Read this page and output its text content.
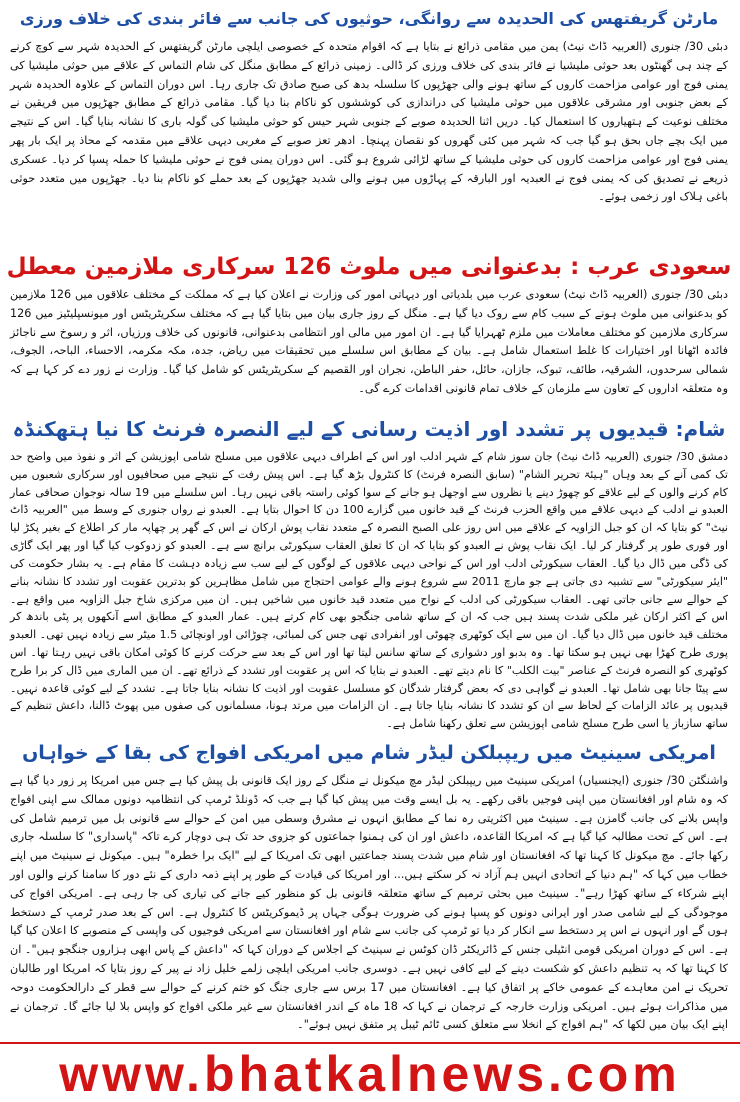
مارٹن گریفتھس کی الحدیدہ سے روانگی، حوثیوں کی جانب سے فائر بندی کی خلاف ورزی

دبئی 30/ جنوری (العربیہ ڈاٹ نیٹ) یمن میں مقامی ذرائع نے بتایا ہے کہ اقوام متحدہ کے خصوصی ایلچی مارٹن گریفتھس کے الحدیدہ شہر سے کوچ کرنے کے چند ہی گھنٹوں بعد حوثی ملیشیا نے فائر بندی کی خلاف ورزی کر ڈالی۔ زمینی ذرائع کے مطابق منگل کی شام التماس کے علاقے میں حوثی ملیشیا کی یمنی فوج اور عوامی مزاحمت کاروں کے ساتھ ہونے والی جھڑپوں کا سلسلہ بدھ کی صبح صادق تک جاری رہا۔ اس دوران التماس کے علاوہ الحدیدہ شہر کے بعض جنوبی اور مشرقی علاقوں میں حوثی ملیشیا کی دراندازی کی کوششوں کو ناکام بنا دیا گیا۔ مقامی ذرائع کے مطابق جھڑپوں میں فریقین نے مختلف نوعیت کے ہتھیاروں کا استعمال کیا۔ دریں اثنا الحدیدہ صوبے کے جنوبی شہر حیس کو حوثی ملیشیا کی گولہ باری کا نشانہ بنایا گیا۔ اس کے نتیجے میں ایک بچے جاں بحق ہو گیا جب کہ شہر میں کئی گھروں کو نقصان پہنچا۔ ادھر تعز صوبے کے مغربی دیہی علاقے میں مقدمہ کے محاذ پر ایک بار پھر یمنی فوج اور عوامی مزاحمت کاروں کی حوثی ملیشیا کے ساتھ لڑائی شروع ہو گئی۔ اس دوران یمنی فوج نے حوثی ملیشیا کا حملہ پسپا کر دیا۔ عسکری ذریعے نے تصدیق کی کہ یمنی فوج نے العبدیہ اور البارقہ کے پہاڑوں میں ہونے والی شدید جھڑپوں کے بعد حملے کو ناکام بنا دیا۔ جھڑپوں میں متعدد حوثی باغی ہلاک اور زخمی ہوئے۔

سعودی عرب : بدعنوانی میں ملوث 126 سرکاری ملازمین معطل

دبئی 30/ جنوری (العربیہ ڈاٹ نیٹ) سعودی عرب میں بلدیاتی اور دیہاتی امور کی وزارت نے اعلان کیا ہے کہ مملکت کے مختلف علاقوں میں 126 ملازمین کو بدعنوانی میں ملوث ہونے کے سبب کام سے روک دیا گیا ہے۔ منگل کے روز جاری بیان میں بتایا گیا ہے کہ مختلف سکریٹریٹس اور میونسپلیٹیز میں 126 سرکاری ملازمین کو مختلف معاملات میں ملزم ٹھہرایا گیا ہے۔ ان امور میں مالی اور انتظامی بدعنوانی، قانونوں کی خلاف ورزیاں، اثر و رسوخ سے ناجائز فائدہ اٹھانا اور اختیارات کا غلط استعمال شامل ہے۔ بیان کے مطابق اس سلسلے میں تحقیقات میں ریاض، جدہ، مکہ مکرمہ، الاحساء، الباحہ، الجوف، شمالی سرحدوں، الشرقیہ، طائف، تبوک، جازان، حائل، حفر الباطن، نجران اور القصیم کے سکریٹریٹس کو شامل کیا گیا۔ وزارت نے زور دے کر کہا ہے کہ وہ متعلقہ اداروں کے تعاون سے ملزمان کے خلاف تمام قانونی اقدامات کرے گی۔

شام: قیدیوں پر تشدد اور اذیت رسانی کے لیے النصرہ فرنٹ کا نیا ہتھکنڈہ

دمشق 30/ جنوری (العربیہ ڈاٹ نیٹ) جان سوز شام کے شہر ادلب اور اس کے اطراف دیہی علاقوں میں مسلح شامی اپوزیشن کے اثر و نفوذ میں واضح حد تک کمی آنے کے بعد وہاں "ہیئۃ تحریر الشام" (سابق النصرہ فرنٹ) کا کنٹرول بڑھ گیا ہے۔ اس پیش رفت کے نتیجے میں صحافیوں اور سرکاری شعبوں میں کام کرنے والوں کے لیے علاقے کو چھوڑ دینے یا نظروں سے اوجھل ہو جانے کے سوا کوئی راستہ باقی نہیں رہا۔ اس سلسلے میں 19 سالہ نوجوان صحافی عمار العبدو نے ادلب کے دیہی علاقے میں واقع الحزب فرنٹ کے قید خانوں میں گزارے 100 دن کا احوال بتایا ہے۔ العبدو نے رواں جنوری کے وسط میں "العربیہ ڈاٹ نیٹ" کو بتایا کہ ان کو جبل الزاویہ کے علاقے میں اس روز علی الصبح النصرہ کے متعدد نقاب پوش ارکان نے اس کے گھر پر چھاپہ مار کر اطلاع کے بغیر پکڑ لیا اور فوری طور پر گرفتار کر لیا۔ ایک نقاب پوش نے العبدو کو بتایا کہ ان کا تعلق العقاب سیکورٹی برانچ سے ہے۔ العبدو کو زدوکوب کیا گیا اور پھر ایک گاڑی کی ڈگی میں ڈال دیا گیا۔ العقاب سیکورٹی ادلب اور اس کے نواحی دیہی علاقوں کے لوگوں کے لیے سب سے زیادہ دہشت کا مقام ہے۔ یہ بشار حکومت کی "ایئر سیکورٹی" سے تشبیہ دی جاتی ہے جو مارچ 2011 سے شروع ہونے والے عوامی احتجاج میں شامل مظاہرین کو بدترین عقوبت اور تشدد کا نشانہ بنانے کے حوالے سے جانی جاتی تھی۔ العقاب سیکورٹی کی ادلب کے نواح میں متعدد قید خانوں میں شاخیں ہیں۔ ان میں مرکزی شاخ جبل الزاویہ میں واقع ہے۔ اس کے اکثر ارکان غیر ملکی شدت پسند ہیں جب کہ ان کے ساتھ شامی جنگجو بھی کام کرتے ہیں۔ عمار العبدو کے مطابق اسے آنکھوں پر پٹی باندھ کر مختلف قید خانوں میں ڈال دیا گیا۔ ان میں سے ایک کوٹھری چھوٹی اور انفرادی تھی جس کی لمبائی، چوڑائی اور اونچائی 1.5 میٹر سے زیادہ نہیں تھی۔ العبدو پوری طرح کھڑا بھی نہیں ہو سکتا تھا۔ وہ بدبو اور دشواری کے ساتھ سانس لیتا تھا اور اس کے بعد سے حرکت کرنے کا کوئی امکان باقی نہیں رہتا تھا۔ اس کوٹھری کو النصرہ فرنٹ کے عناصر "بیت الکلب" کا نام دیتے تھے۔ العبدو نے بتایا کہ اس پر عقوبت اور تشدد کے ذرائع تھے۔ ان میں الماری میں ڈال کر برا طرح سے پیٹا جانا بھی شامل تھا۔ العبدو نے گواہی دی کہ بعض گرفتار شدگان کو مسلسل عقوبت اور اذیت کا نشانہ بنایا جاتا ہے۔ تشدد کے لیے کوئی قاعدہ نہیں۔ قیدیوں پر عائد الزامات کے لحاظ سے ان کو تشدد کا نشانہ بنایا جاتا ہے۔ ان الزامات میں مرتد ہونا، مسلمانوں کی صفوں میں پھوٹ ڈالنا، داعش تنظیم کے ساتھ سازباز یا اسی طرح مسلح شامی اپوزیشن سے تعلق رکھنا شامل ہے۔

امریکی سینیٹ میں ریپبلکن لیڈر شام میں امریکی افواج کی بقا کے خواہاں

واشنگٹن 30/ جنوری (ایجنسیاں) امریکی سینیٹ میں ریپبلکن لیڈر مچ میکونل نے منگل کے روز ایک قانونی بل پیش کیا ہے جس میں امریکا پر زور دیا گیا ہے کہ وہ شام اور افغانستان میں اپنی فوجیں باقی رکھے۔ یہ بل ایسے وقت میں پیش کیا گیا ہے جب کہ ڈونلڈ ٹرمپ کی انتظامیہ دونوں ممالک سے اپنی افواج واپس بلانے کی جانب گامزن ہے۔ سینیٹ میں اکثریتی رہ نما کے مطابق انہوں نے مشرق وسطی میں امن کے حوالے سے قانونی بل میں ترمیم شامل کی ہے۔ اس کے تحت مطالبہ کیا گیا ہے کہ امریکا القاعدہ، داعش اور ان کی ہمنوا جماعتوں کو جزوی حد تک ہی دوچار کرے تاکہ "پاسداری" کا سلسلہ جاری رکھا جائے۔ مچ میکونل کا کہنا تھا کہ افغانستان اور شام میں شدت پسند جماعتیں ابھی تک امریکا کے لیے "ایک برا خطرہ" ہیں۔ میکونل نے سینیٹ میں اپنے خطاب میں کہا کہ "ہم دنیا کے اتحادی انہیں ہم آزاد نہ کر سکتے ہیں... اور امریکا کی قیادت کے طور پر اپنے ذمہ داری کے نئے دور کا سامنا کرنے والوں اور اپنے شرکاء کے ساتھ کھڑا رہے"۔ سینیٹ میں بحثی ترمیم کے ساتھ متعلقہ قانونی بل کو منظور کیے جانے کی تیاری کی جا رہی ہے۔ امریکی افواج کی موجودگی کے لیے شامی صدر اور ایرانی دونوں کو پسپا ہونے کی ضرورت ہوگی جہاں پر ڈیموکریٹس کا کنٹرول ہے۔ اس کے بعد صدر ٹرمپ کے دستخط ہوں گے اور انہوں نے اس پر دستخط سے انکار کر دیا تو ٹرمپ کی جانب سے شام اور افغانستان سے امریکی فوجیوں کی واپسی کے منصوبے کا اعلان کیا گیا ہے۔ اس کے دوران امریکی قومی انٹیلی جنس کے ڈائریکٹر ڈان کوٹس نے سینیٹ کے اجلاس کے دوران کہا کہ "داعش کے پاس ابھی ہزاروں جنگجو ہیں"۔ ان کا کہنا تھا کہ یہ تنظیم داعش کو شکست دینے کے لیے کافی نہیں ہے۔ دوسری جانب امریکی ایلچی زلمے خلیل زاد نے پیر کے روز بتایا کہ امریکا اور طالبان تحریک نے امن معاہدے کے عمومی خاکے پر اتفاق کیا ہے۔ افغانستان میں 17 برس سے جاری جنگ کو ختم کرنے کے حوالے سے قطر کے دارالحکومت دوحہ میں مذاکرات ہوئے ہیں۔ امریکی وزارت خارجہ کے ترجمان نے کہا کہ 18 ماہ کے اندر افغانستان سے غیر ملکی افواج کو واپس بلا لیا جائے گا۔ ترجمان نے اپنے ایک بیان میں لکھا کہ "ہم افواج کے انخلا سے متعلق کسی ٹائم ٹیبل پر متفق نہیں ہوئے"۔

www.bhatkalnews.com
